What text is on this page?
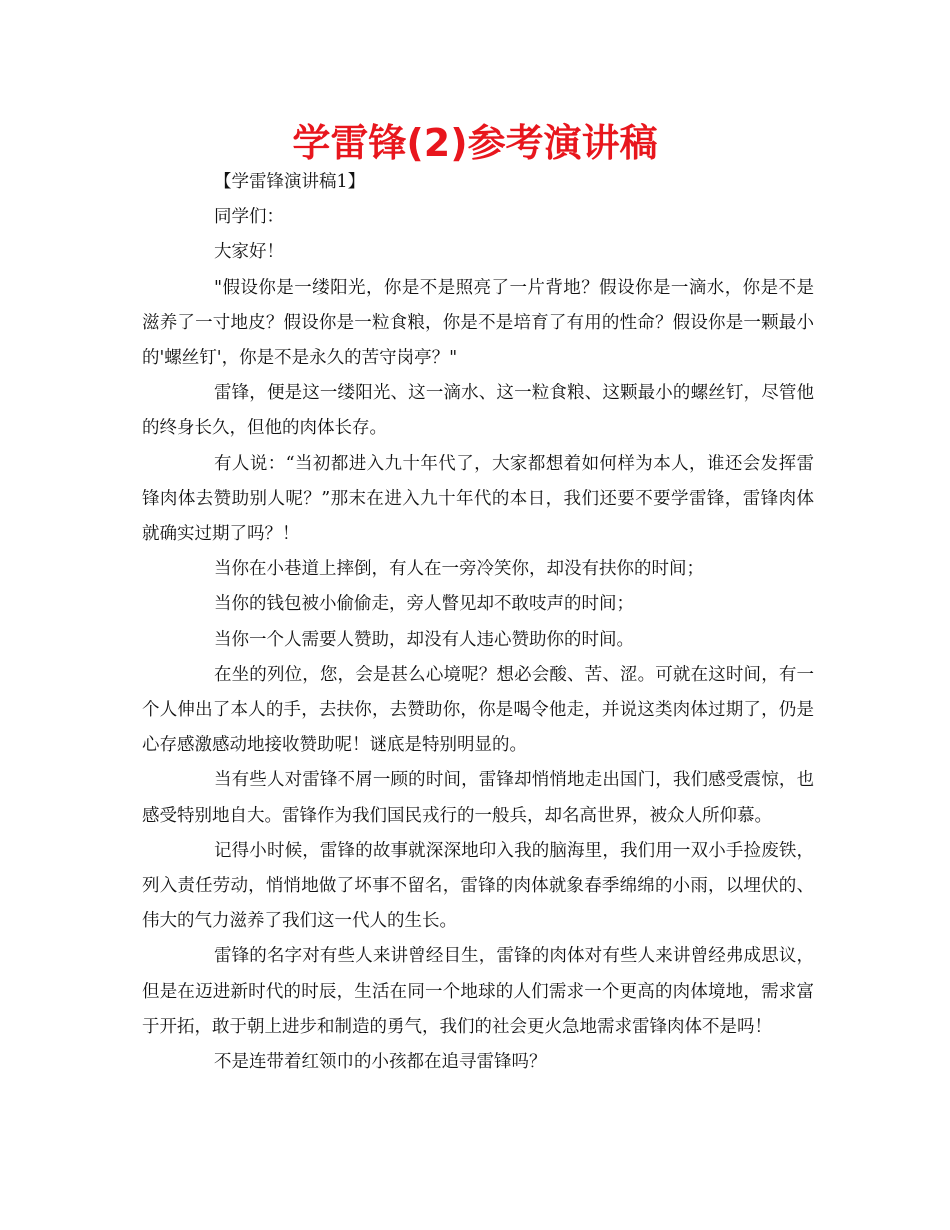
学雷锋(2)参考演讲稿

【学雷锋演讲稿1】

同学们：

大家好！

"假设你是一缕阳光，你是不是照亮了一片背地？假设你是一滴水，你是不是滋养了一寸地皮？假设你是一粒食粮，你是不是培育了有用的性命？假设你是一颗最小的'螺丝钉'，你是不是永久的苦守岗亭？"

雷锋，便是这一缕阳光、这一滴水、这一粒食粮、这颗最小的螺丝钉，尽管他的终身长久，但他的肉体长存。

有人说：“当初都进入九十年代了，大家都想着如何样为本人，谁还会发挥雷锋肉体去赞助别人呢？”那末在进入九十年代的本日，我们还要不要学雷锋，雷锋肉体就确实过期了吗？！

当你在小巷道上摔倒，有人在一旁冷笑你，却没有扶你的时间；

当你的钱包被小偷偷走，旁人瞥见却不敢吱声的时间；

当你一个人需要人赞助，却没有人违心赞助你的时间。

在坐的列位，您，会是甚么心境呢？想必会酸、苦、涩。可就在这时间，有一个人伸出了本人的手，去扶你，去赞助你，你是喝令他走，并说这类肉体过期了，仍是心存感激感动地接收赞助呢！谜底是特别明显的。

当有些人对雷锋不屑一顾的时间，雷锋却悄悄地走出国门，我们感受震惊，也感受特别地自大。雷锋作为我们国民戎行的一般兵，却名高世界，被众人所仰慕。

记得小时候，雷锋的故事就深深地印入我的脑海里，我们用一双小手捡废铁，列入责任劳动，悄悄地做了坏事不留名，雷锋的肉体就象春季绵绵的小雨，以埋伏的、伟大的气力滋养了我们这一代人的生长。

雷锋的名字对有些人来讲曾经目生，雷锋的肉体对有些人来讲曾经弗成思议，但是在迈进新时代的时辰，生活在同一个地球的人们需求一个更高的肉体境地，需求富于开拓，敢于朝上进步和制造的勇气，我们的社会更火急地需求雷锋肉体不是吗！

不是连带着红领巾的小孩都在追寻雷锋吗？
